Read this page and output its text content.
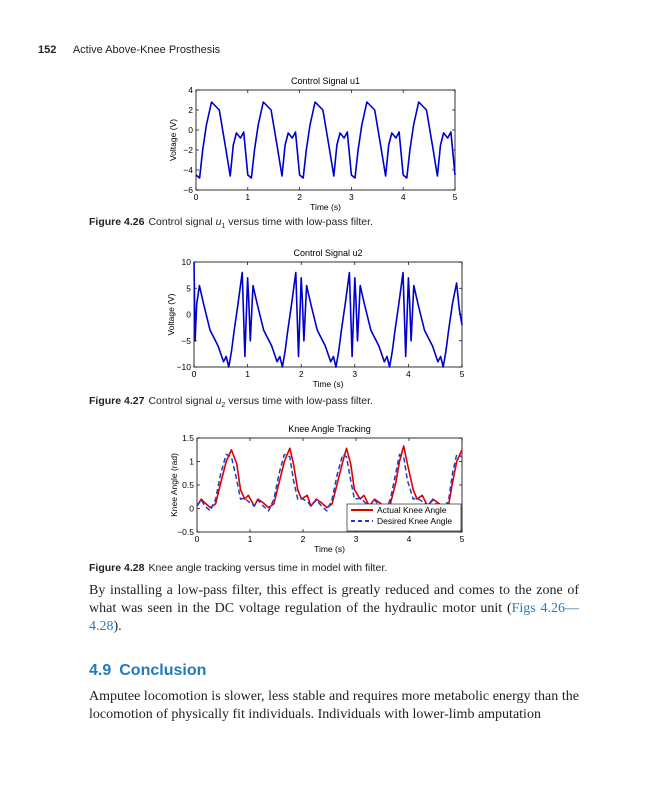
152 Active Above-Knee Prosthesis
Control Signal u1
0	1	2	3	4	5
−6
−4
−2
0
2
4
Time (s)
Voltage (V)
Control Signal u2
0	1	2	3	4	5
−10
−5
0
5
10
Time (s)
Voltage (V)
Knee Angle Tracking
0	1	2	3	4	5
−0.5
0
0.5
1
1.5
Time (s)
Knee Angle (rad)	Actual Knee Angle
Desired Knee Angle
Figure 4.26 Control signal $u_1$ versus time with low-pass filter.
Figure 4.27 Control signal $u_2$ versus time with low-pass filter.
Figure 4.28 Knee angle tracking versus time in model with filter.
By installing a low-pass filter, this effect is greatly reduced and comes to the zone of what was seen in the DC voltage regulation of the hydraulic motor unit (Figs 4.26—4.28).
4.9 Conclusion
Amputee locomotion is slower, less stable and requires more metabolic energy than the locomotion of physically fit individuals. Individuals with lower-limb amputation
